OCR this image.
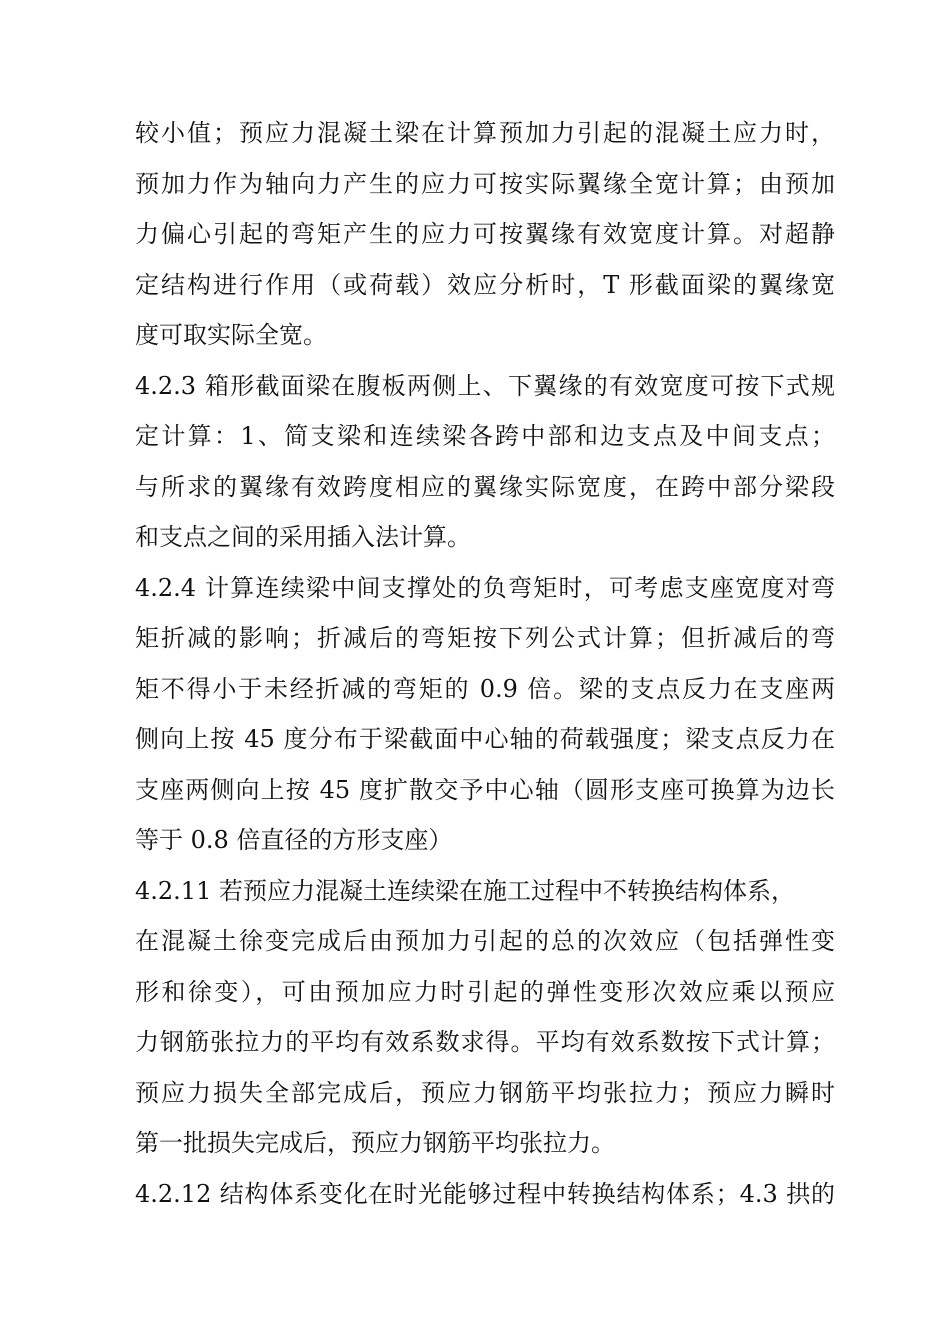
较小值；预应力混凝土梁在计算预加力引起的混凝土应力时，
预加力作为轴向力产生的应力可按实际翼缘全宽计算；由预加
力偏心引起的弯矩产生的应力可按翼缘有效宽度计算。对超静
定结构进行作用（或荷载）效应分析时，T 形截面梁的翼缘宽
度可取实际全宽。
4.2.3 箱形截面梁在腹板两侧上、下翼缘的有效宽度可按下式规
定计算：1、简支梁和连续梁各跨中部和边支点及中间支点；
与所求的翼缘有效跨度相应的翼缘实际宽度，在跨中部分梁段
和支点之间的采用插入法计算。
4.2.4 计算连续梁中间支撑处的负弯矩时，可考虑支座宽度对弯
矩折减的影响；折减后的弯矩按下列公式计算；但折减后的弯
矩不得小于未经折减的弯矩的 0.9 倍。梁的支点反力在支座两
侧向上按 45 度分布于梁截面中心轴的荷载强度；梁支点反力在
支座两侧向上按 45 度扩散交予中心轴（圆形支座可换算为边长
等于 0.8 倍直径的方形支座）
4.2.11 若预应力混凝土连续梁在施工过程中不转换结构体系，
在混凝土徐变完成后由预加力引起的总的次效应（包括弹性变
形和徐变），可由预加应力时引起的弹性变形次效应乘以预应
力钢筋张拉力的平均有效系数求得。平均有效系数按下式计算；
预应力损失全部完成后，预应力钢筋平均张拉力；预应力瞬时
第一批损失完成后，预应力钢筋平均张拉力。
4.2.12 结构体系变化在时光能够过程中转换结构体系；4.3 拱的
